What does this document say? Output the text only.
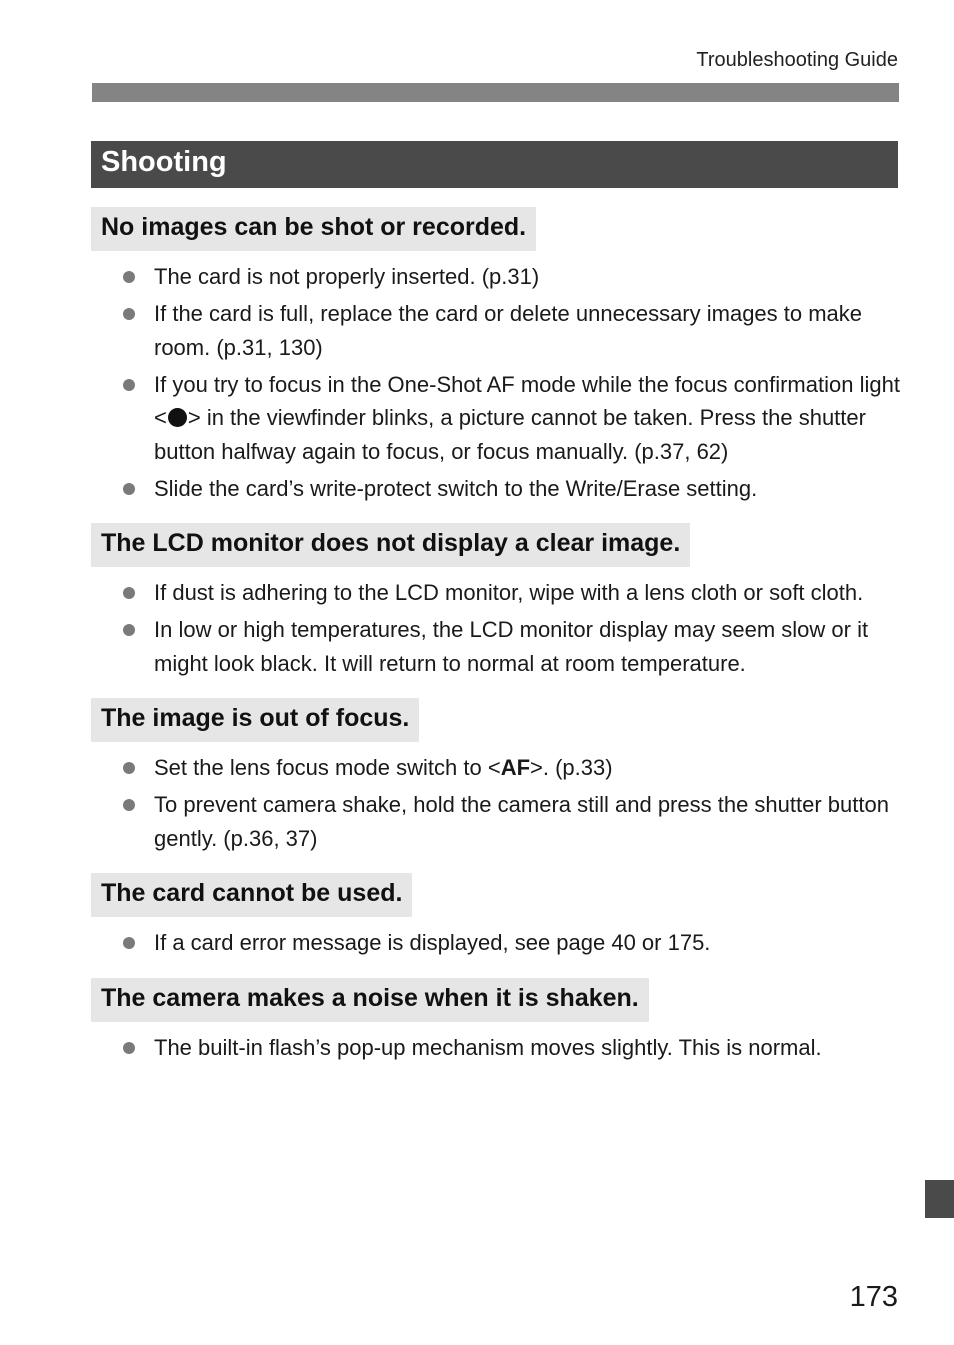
Troubleshooting Guide
Shooting
No images can be shot or recorded.
The card is not properly inserted. (p.31)
If the card is full, replace the card or delete unnecessary images to make room. (p.31, 130)
If you try to focus in the One-Shot AF mode while the focus confirmation light < > in the viewfinder blinks, a picture cannot be taken. Press the shutter button halfway again to focus, or focus manually. (p.37, 62)
Slide the card’s write-protect switch to the Write/Erase setting.
The LCD monitor does not display a clear image.
If dust is adhering to the LCD monitor, wipe with a lens cloth or soft cloth.
In low or high temperatures, the LCD monitor display may seem slow or it might look black. It will return to normal at room temperature.
The image is out of focus.
Set the lens focus mode switch to <AF>. (p.33)
To prevent camera shake, hold the camera still and press the shutter button gently. (p.36, 37)
The card cannot be used.
If a card error message is displayed, see page 40 or 175.
The camera makes a noise when it is shaken.
The built-in flash’s pop-up mechanism moves slightly. This is normal.
173
